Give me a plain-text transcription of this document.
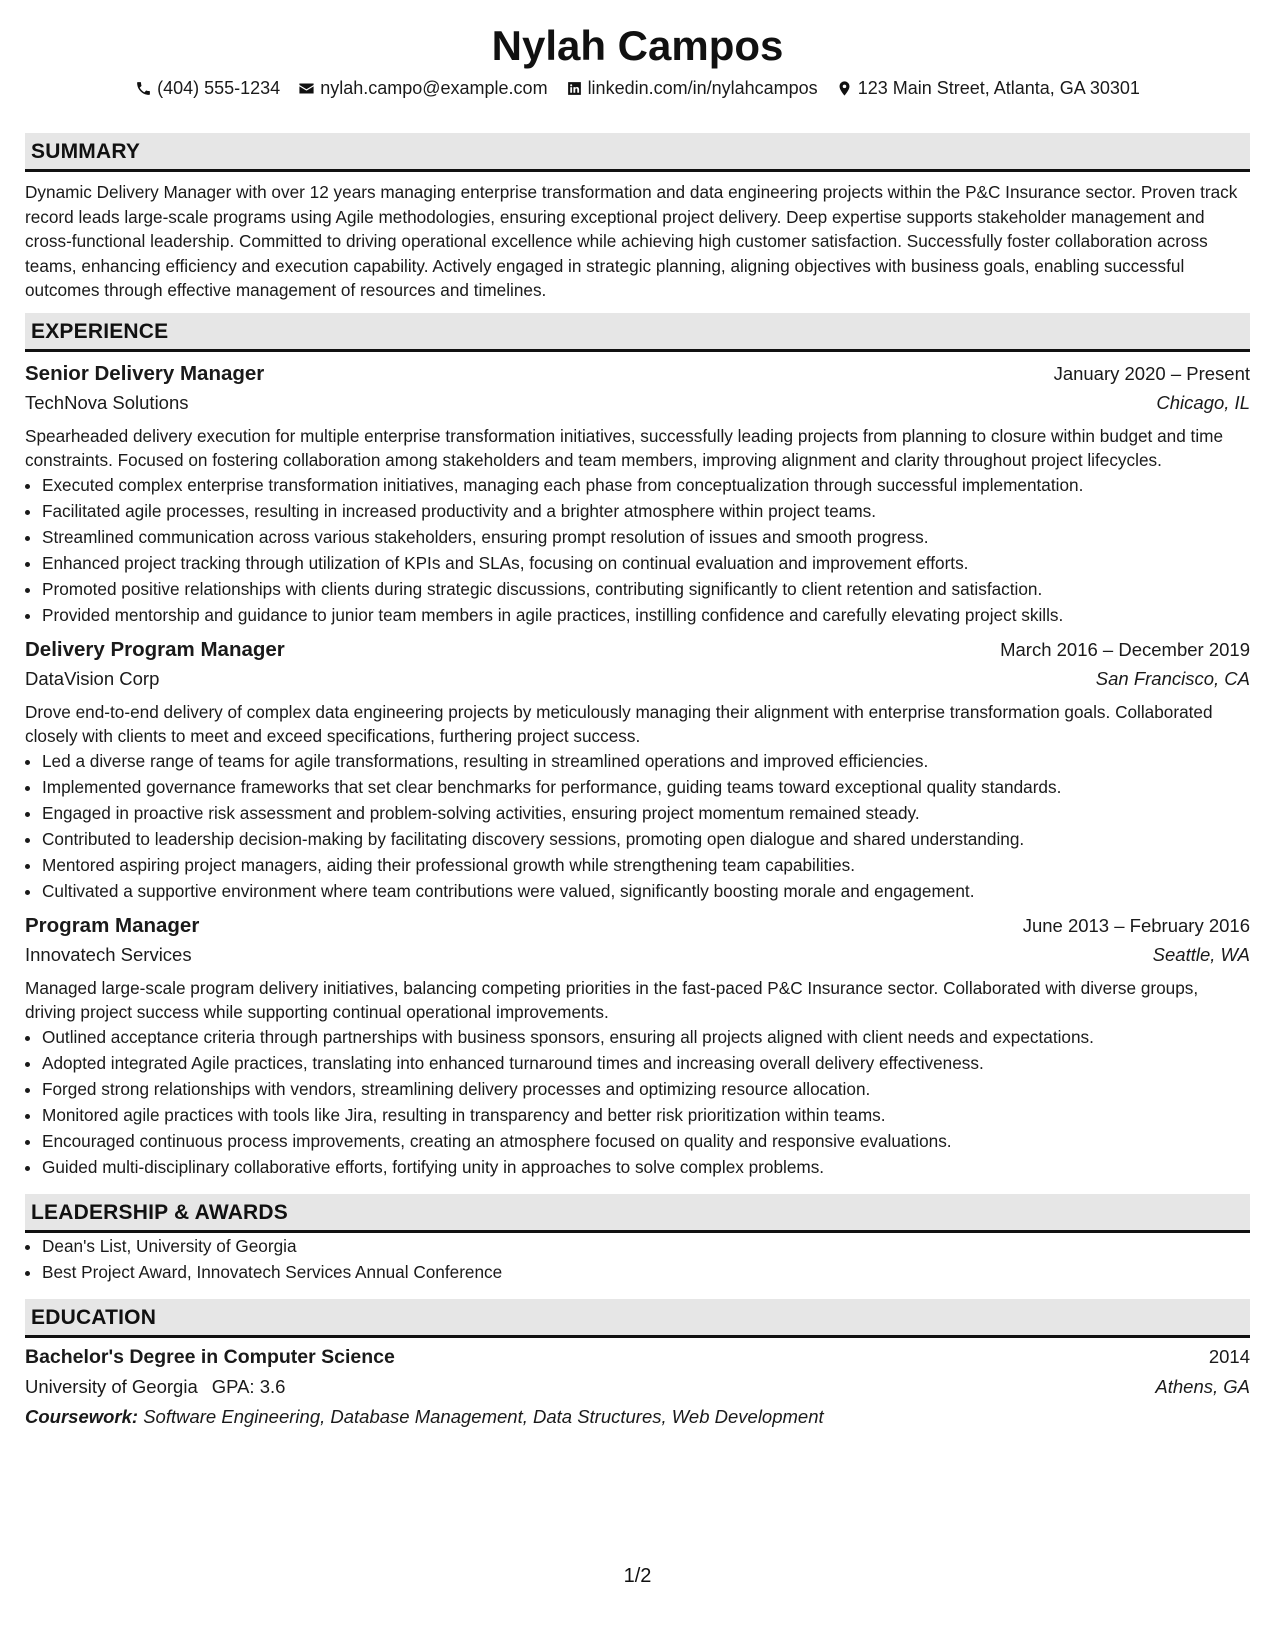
Nylah Campos
(404) 555-1234 nylah.campo@example.com linkedin.com/in/nylahcampos 123 Main Street, Atlanta, GA 30301
SUMMARY
Dynamic Delivery Manager with over 12 years managing enterprise transformation and data engineering projects within the P&C Insurance sector. Proven track record leads large-scale programs using Agile methodologies, ensuring exceptional project delivery. Deep expertise supports stakeholder management and cross-functional leadership. Committed to driving operational excellence while achieving high customer satisfaction. Successfully foster collaboration across teams, enhancing efficiency and execution capability. Actively engaged in strategic planning, aligning objectives with business goals, enabling successful outcomes through effective management of resources and timelines.
EXPERIENCE
Senior Delivery Manager	January 2020 – Present
TechNova Solutions	Chicago, IL
Spearheaded delivery execution for multiple enterprise transformation initiatives, successfully leading projects from planning to closure within budget and time constraints. Focused on fostering collaboration among stakeholders and team members, improving alignment and clarity throughout project lifecycles.
• Executed complex enterprise transformation initiatives, managing each phase from conceptualization through successful implementation.
• Facilitated agile processes, resulting in increased productivity and a brighter atmosphere within project teams.
• Streamlined communication across various stakeholders, ensuring prompt resolution of issues and smooth progress.
• Enhanced project tracking through utilization of KPIs and SLAs, focusing on continual evaluation and improvement efforts.
• Promoted positive relationships with clients during strategic discussions, contributing significantly to client retention and satisfaction.
• Provided mentorship and guidance to junior team members in agile practices, instilling confidence and carefully elevating project skills.
Delivery Program Manager	March 2016 – December 2019
DataVision Corp	San Francisco, CA
Drove end-to-end delivery of complex data engineering projects by meticulously managing their alignment with enterprise transformation goals. Collaborated closely with clients to meet and exceed specifications, furthering project success.
• Led a diverse range of teams for agile transformations, resulting in streamlined operations and improved efficiencies.
• Implemented governance frameworks that set clear benchmarks for performance, guiding teams toward exceptional quality standards.
• Engaged in proactive risk assessment and problem-solving activities, ensuring project momentum remained steady.
• Contributed to leadership decision-making by facilitating discovery sessions, promoting open dialogue and shared understanding.
• Mentored aspiring project managers, aiding their professional growth while strengthening team capabilities.
• Cultivated a supportive environment where team contributions were valued, significantly boosting morale and engagement.
Program Manager	June 2013 – February 2016
Innovatech Services	Seattle, WA
Managed large-scale program delivery initiatives, balancing competing priorities in the fast-paced P&C Insurance sector. Collaborated with diverse groups, driving project success while supporting continual operational improvements.
• Outlined acceptance criteria through partnerships with business sponsors, ensuring all projects aligned with client needs and expectations.
• Adopted integrated Agile practices, translating into enhanced turnaround times and increasing overall delivery effectiveness.
• Forged strong relationships with vendors, streamlining delivery processes and optimizing resource allocation.
• Monitored agile practices with tools like Jira, resulting in transparency and better risk prioritization within teams.
• Encouraged continuous process improvements, creating an atmosphere focused on quality and responsive evaluations.
• Guided multi-disciplinary collaborative efforts, fortifying unity in approaches to solve complex problems.
LEADERSHIP & AWARDS
• Dean's List, University of Georgia
• Best Project Award, Innovatech Services Annual Conference
EDUCATION
Bachelor's Degree in Computer Science	2014
University of Georgia GPA: 3.6	Athens, GA
Coursework: Software Engineering, Database Management, Data Structures, Web Development
1/2
